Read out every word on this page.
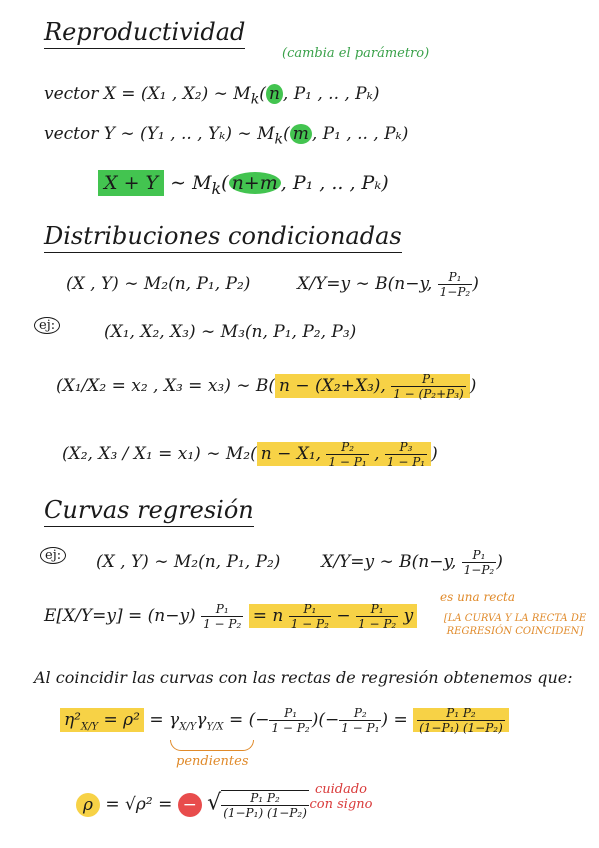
Reproductividad
(cambia el parámetro)
vector X = (X₁ , X₂) ∼ $M_k$( n , P₁ , .. , Pₖ)
vector Y ∼ (Y₁ , .. , Yₖ) ∼ $M_k$( m , P₁ , .. , Pₖ)
X + Y ∼ $M_k$( n+m , P₁ , .. , Pₖ)
Distribuciones condicionadas
(X , Y) ∼ M₂(n, P₁, P₂)	X/Y=y ∼ B(n−y, $\frac{\text{P₁}}{\text{1−P₂}}$ )
ej:	(X₁, X₂, X₃) ∼ M₃(n, P₁, P₂, P₃)
(X₁/X₂ = x₂ , X₃ = x₃) ∼ B( n − (X₂+X₃), $\frac{\text{P₁}}{\text{1 − (P₂+P₃)}}$ )
(X₂, X₃ / X₁ = x₁) ∼ M₂( n − X₁, $\frac{\text{P₂}}{\text{1 − P₁}}$ , $\frac{\text{P₃}}{\text{1 − P₁}}$ )
Curvas regresión
ej: (X , Y) ∼ M₂(n, P₁, P₂) X/Y=y ∼ B(n−y, $\frac{\text{P₁}}{\text{1−P₂}}$ )
$E[X/Y=y] = (n-y) \frac{\text{P₁}}{\text{1 − P₂}} = n \frac{\text{P₁}}{\text{1 − P₂}} - \frac{\text{P₁}}{\text{1 − P₂}}$ y
es una recta
[LA CURVA Y LA RECTA DE REGRESIÓN COINCIDEN]
Al coincidir las curvas con las rectas de regresión obtenemos que:
$\eta^2_{X/Y} = \rho^2 = \gamma_{X/Y}\gamma_{Y/X}$ = (− $\frac{\text{P₁}}{\text{1 − P₂}}$ )(− $\frac{\text{P₂}}{\text{1 − P₁}}$ ) = $\frac{\text{P₁ P₂}}{\text{(1−P₁) (1−P₂)}}$
pendientes
ρ = √ρ² = − √ $\frac{\text{P₁ P₂}}{\text{(1−P₁) (1−P₂)}}$
cuidado con signo
